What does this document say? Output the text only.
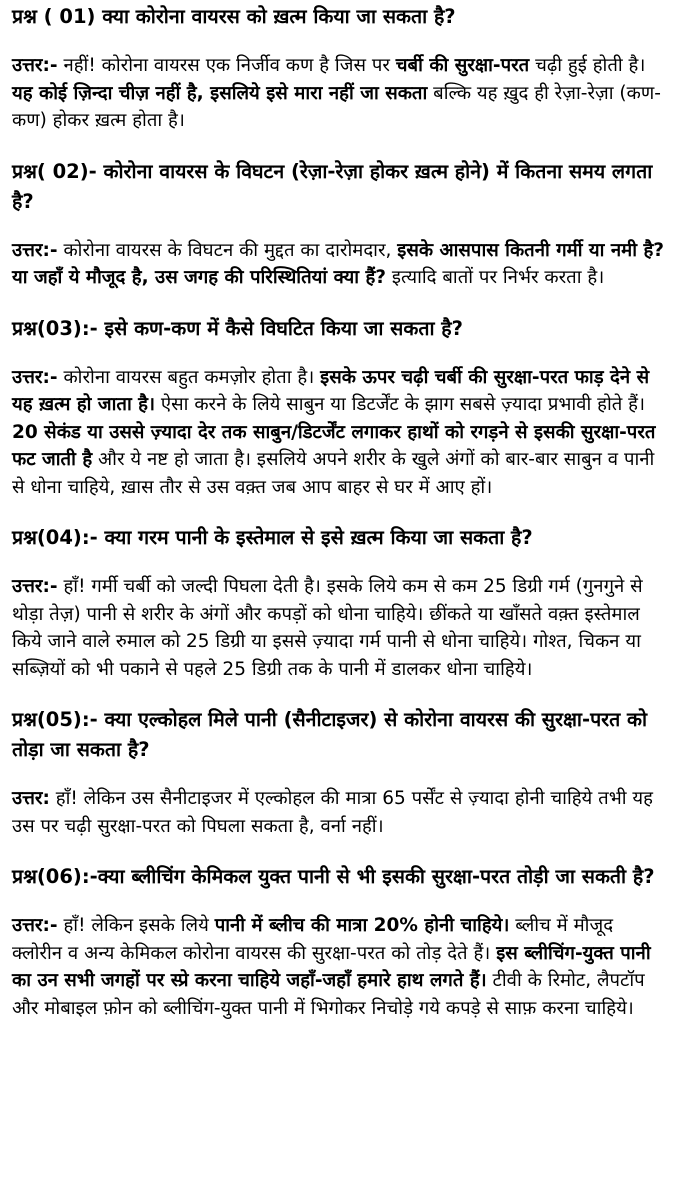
प्रश्न ( 01) क्या कोरोना वायरस को ख़त्म किया जा सकता है?

उत्तर:- नहीं! कोरोना वायरस एक निर्जीव कण है जिस पर चर्बी की सुरक्षा-परत चढ़ी हुई होती है। यह कोई ज़िन्दा चीज़ नहीं है, इसलिये इसे मारा नहीं जा सकता बल्कि यह ख़ुद ही रेज़ा-रेज़ा (कण-कण) होकर ख़त्म होता है।

प्रश्न( 02)- कोरोना वायरस के विघटन (रेज़ा-रेज़ा होकर ख़त्म होने) में कितना समय लगता है?

उत्तर:- कोरोना वायरस के विघटन की मुद्दत का दारोमदार, इसके आसपास कितनी गर्मी या नमी है? या जहाँ ये मौजूद है, उस जगह की परिस्थितियां क्या हैं? इत्यादि बातों पर निर्भर करता है।

प्रश्न(03):- इसे कण-कण में कैसे विघटित किया जा सकता है?

उत्तर:- कोरोना वायरस बहुत कमज़ोर होता है। इसके ऊपर चढ़ी चर्बी की सुरक्षा-परत फाड़ देने से यह ख़त्म हो जाता है। ऐसा करने के लिये साबुन या डिटर्जेंट के झाग सबसे ज़्यादा प्रभावी होते हैं। 20 सेकंड या उससे ज़्यादा देर तक साबुन/डिटर्जेंट लगाकर हाथों को रगड़ने से इसकी सुरक्षा-परत फट जाती है और ये नष्ट हो जाता है। इसलिये अपने शरीर के खुले अंगों को बार-बार साबुन व पानी से धोना चाहिये, ख़ास तौर से उस वक़्त जब आप बाहर से घर में आए हों।

प्रश्न(04):- क्या गरम पानी के इस्तेमाल से इसे ख़त्म किया जा सकता है?

उत्तर:- हाँ! गर्मी चर्बी को जल्दी पिघला देती है। इसके लिये कम से कम 25 डिग्री गर्म (गुनगुने से थोड़ा तेज़) पानी से शरीर के अंगों और कपड़ों को धोना चाहिये। छींकते या खाँसते वक़्त इस्तेमाल किये जाने वाले रुमाल को 25 डिग्री या इससे ज़्यादा गर्म पानी से धोना चाहिये। गोश्त, चिकन या सब्ज़ियों को भी पकाने से पहले 25 डिग्री तक के पानी में डालकर धोना चाहिये।

प्रश्न(05):- क्या एल्कोहल मिले पानी (सैनीटाइजर) से कोरोना वायरस की सुरक्षा-परत को तोड़ा जा सकता है?

उत्तर: हाँ! लेकिन उस सैनीटाइजर में एल्कोहल की मात्रा 65 पर्सेंट से ज़्यादा होनी चाहिये तभी यह उस पर चढ़ी सुरक्षा-परत को पिघला सकता है, वर्ना नहीं।

प्रश्न(06):-क्या ब्लीचिंग केमिकल युक्त पानी से भी इसकी सुरक्षा-परत तोड़ी जा सकती है?

उत्तर:- हाँ! लेकिन इसके लिये पानी में ब्लीच की मात्रा 20% होनी चाहिये। ब्लीच में मौजूद क्लोरीन व अन्य केमिकल कोरोना वायरस की सुरक्षा-परत को तोड़ देते हैं। इस ब्लीचिंग-युक्त पानी का उन सभी जगहों पर स्प्रे करना चाहिये जहाँ-जहाँ हमारे हाथ लगते हैं। टीवी के रिमोट, लैपटॉप और मोबाइल फ़ोन को ब्लीचिंग-युक्त पानी में भिगोकर निचोड़े गये कपड़े से साफ़ करना चाहिये।
